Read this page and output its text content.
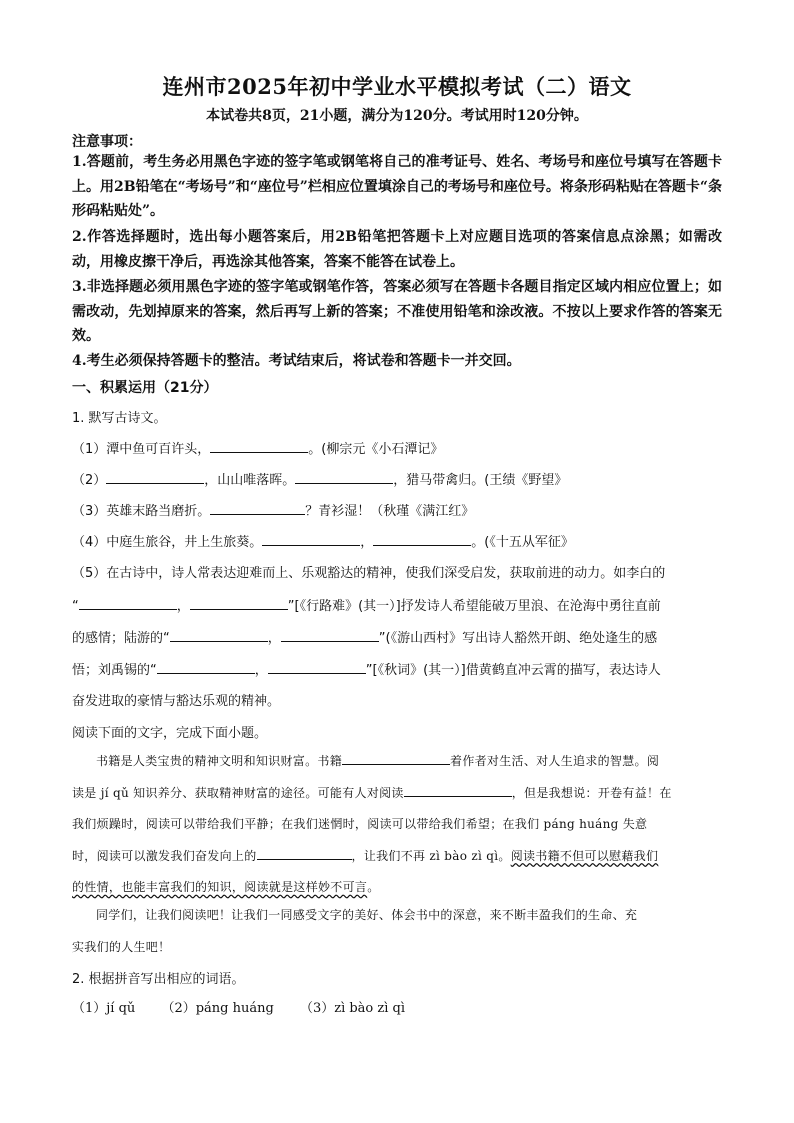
连州市2025年初中学业水平模拟考试（二）语文
本试卷共8页，21小题，满分为120分。考试用时120分钟。
注意事项：
1.答题前，考生务必用黑色字迹的签字笔或钢笔将自己的准考证号、姓名、考场号和座位号填写在答题卡上。用2B铅笔在“考场号”和“座位号”栏相应位置填涂自己的考场号和座位号。将条形码粘贴在答题卡“条形码粘贴处”。
2.作答选择题时，选出每小题答案后，用2B铅笔把答题卡上对应题目选项的答案信息点涂黑；如需改动，用橡皮擦干净后，再选涂其他答案，答案不能答在试卷上。
3.非选择题必须用黑色字迹的签字笔或钢笔作答，答案必须写在答题卡各题目指定区域内相应位置上；如需改动，先划掉原来的答案，然后再写上新的答案；不准使用铅笔和涂改液。不按以上要求作答的答案无效。
4.考生必须保持答题卡的整洁。考试结束后，将试卷和答题卡一并交回。
一、积累运用（21分）
1. 默写古诗文。
（1）潭中鱼可百许头，	。(柳宗元《小石潭记》
（2）	，山山唯落晖。	，猎马带禽归。(王绩《野望》
（3）英雄末路当磨折。	？青衫湿！（秋瑾《满江红》
（4）中庭生旅谷，井上生旅葵。	，	。(《十五从军征》
（5）在古诗中，诗人常表达迎难而上、乐观豁达的精神，使我们深受启发，获取前进的动力。如李白的
“	，	”[《行路难》(其一）]抒发诗人希望能破万里浪、在沧海中勇往直前
的感情；陆游的“	，	”(《游山西村》写出诗人豁然开朗、绝处逢生的感
悟；刘禹锡的“	，	”[《秋词》(其一）]借黄鹤直冲云霄的描写，表达诗人
奋发进取的豪情与豁达乐观的精神。
阅读下面的文字，完成下面小题。
书籍是人类宝贵的精神文明和知识财富。书籍	着作者对生活、对人生追求的智慧。阅
读是 jí qǔ 知识养分、获取精神财富的途径。可能有人对阅读	，但是我想说：开卷有益！在
我们烦躁时，阅读可以带给我们平静；在我们迷惘时，阅读可以带给我们希望；在我们 páng huáng 失意
时，阅读可以激发我们奋发向上的	，让我们不再 zì bào zì qì。阅读书籍不但可以慰藉我们
的性情，也能丰富我们的知识，阅读就是这样妙不可言。
同学们，让我们阅读吧！让我们一同感受文字的美好、体会书中的深意，来不断丰盈我们的生命、充
实我们的人生吧！
2. 根据拼音写出相应的词语。
（1）jí qǔ （2）páng huáng （3）zì bào zì qì
